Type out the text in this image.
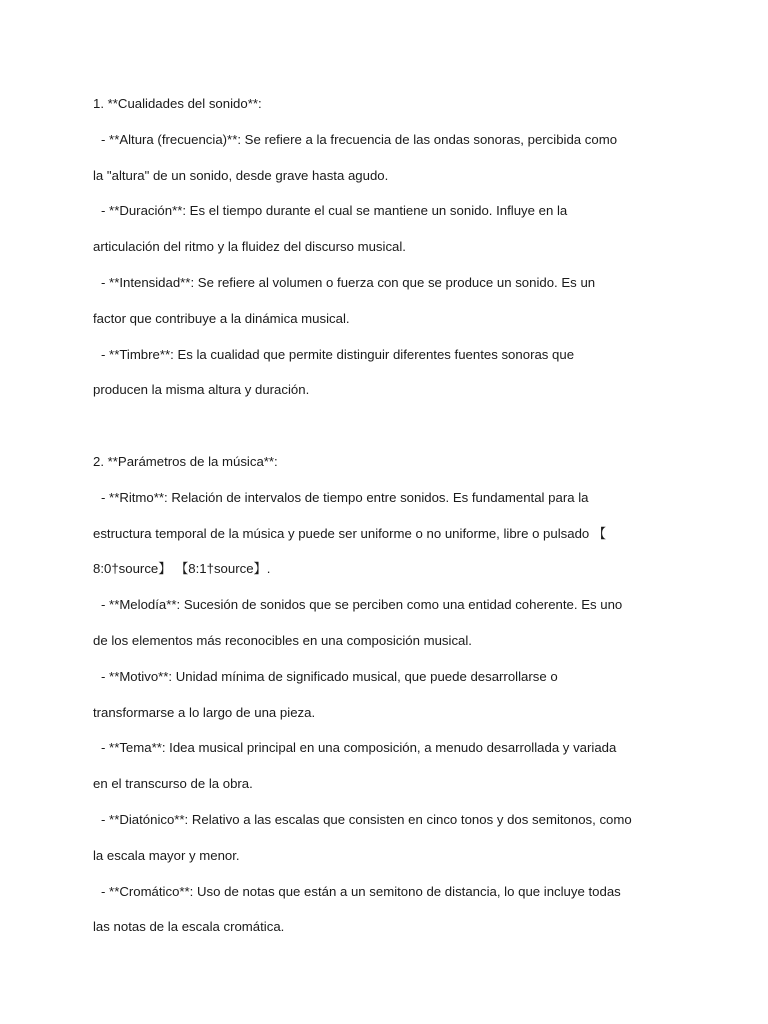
1. **Cualidades del sonido**:
- **Altura (frecuencia)**: Se refiere a la frecuencia de las ondas sonoras, percibida como
la "altura" de un sonido, desde grave hasta agudo.
- **Duración**: Es el tiempo durante el cual se mantiene un sonido. Influye en la
articulación del ritmo y la fluidez del discurso musical.
- **Intensidad**: Se refiere al volumen o fuerza con que se produce un sonido. Es un
factor que contribuye a la dinámica musical.
- **Timbre**: Es la cualidad que permite distinguir diferentes fuentes sonoras que
producen la misma altura y duración.
2. **Parámetros de la música**:
- **Ritmo**: Relación de intervalos de tiempo entre sonidos. Es fundamental para la
estructura temporal de la música y puede ser uniforme o no uniforme, libre o pulsado 【
8:0†source】 【8:1†source】.
- **Melodía**: Sucesión de sonidos que se perciben como una entidad coherente. Es uno
de los elementos más reconocibles en una composición musical.
- **Motivo**: Unidad mínima de significado musical, que puede desarrollarse o
transformarse a lo largo de una pieza.
- **Tema**: Idea musical principal en una composición, a menudo desarrollada y variada
en el transcurso de la obra.
- **Diatónico**: Relativo a las escalas que consisten en cinco tonos y dos semitonos, como
la escala mayor y menor.
- **Cromático**: Uso de notas que están a un semitono de distancia, lo que incluye todas
las notas de la escala cromática.
